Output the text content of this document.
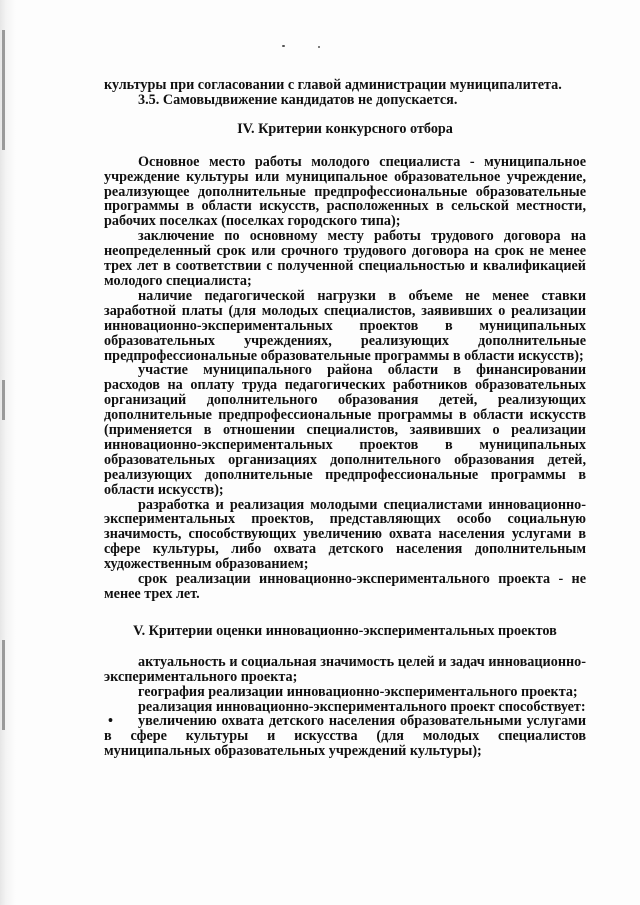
культуры при согласовании с главой администрации муниципалитета.

3.5. Самовыдвижение кандидатов не допускается.

IV. Критерии конкурсного отбора

Основное место работы молодого специалиста - муниципальное учреждение культуры или муниципальное образовательное учреждение, реализующее дополнительные предпрофессиональные образовательные программы в области искусств, расположенных в сельской местности, рабочих поселках (поселках городского типа);

заключение по основному месту работы трудового договора на неопределенный срок или срочного трудового договора на срок не менее трех лет в соответствии с полученной специальностью и квалификацией молодого специалиста;

наличие педагогической нагрузки в объеме не менее ставки заработной платы (для молодых специалистов, заявивших о реализации инновационно-экспериментальных проектов в муниципальных образовательных учреждениях, реализующих дополнительные предпрофессиональные образовательные программы в области искусств);

участие муниципального района области в финансировании расходов на оплату труда педагогических работников образовательных организаций дополнительного образования детей, реализующих дополнительные предпрофессиональные программы в области искусств (применяется в отношении специалистов, заявивших о реализации инновационно-экспериментальных проектов в муниципальных образовательных организациях дополнительного образования детей, реализующих дополнительные предпрофессиональные программы в области искусств);

разработка и реализация молодыми специалистами инновационно-экспериментальных проектов, представляющих особо социальную значимость, способствующих увеличению охвата населения услугами в сфере культуры, либо охвата детского населения дополнительным художественным образованием;

срок реализации инновационно-экспериментального проекта - не менее трех лет.

V. Критерии оценки инновационно-экспериментальных проектов

актуальность и социальная значимость целей и задач инновационно-экспериментального проекта;

география реализации инновационно-экспериментального проекта;

реализация инновационно-экспериментального проект способствует:

• увеличению охвата детского населения образовательными услугами в сфере культуры и искусства (для молодых специалистов муниципальных образовательных учреждений культуры);
